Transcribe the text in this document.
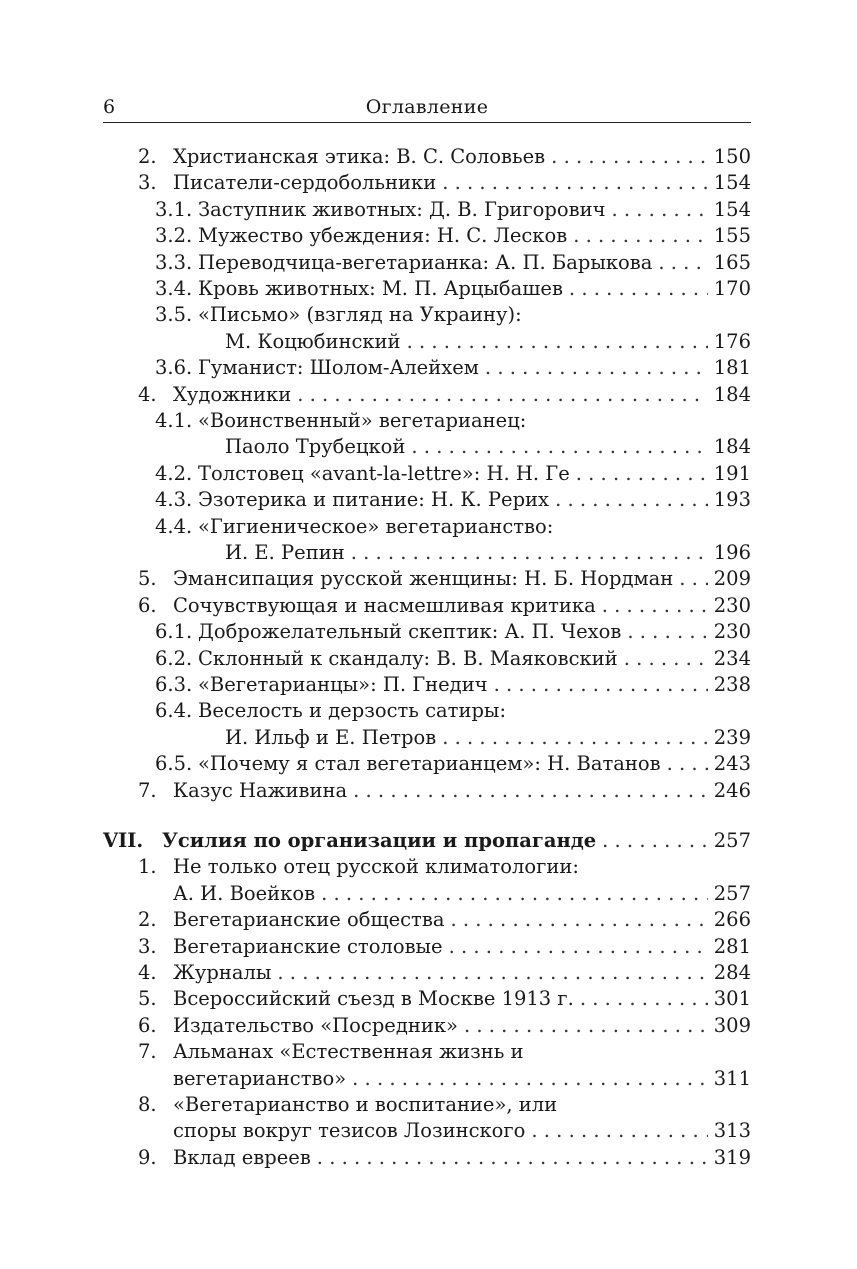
6	Оглавление
2. Христианская этика: В. С. Соловьев . . .	150
3. Писатели-сердобольники . . .	154
3.1. Заступник животных: Д. В. Григорович . . .	154
3.2. Мужество убеждения: Н. С. Лесков . . .	155
3.3. Переводчица-вегетарианка: А. П. Барыкова . . .	165
3.4. Кровь животных: М. П. Арцыбашев . . .	170
3.5. «Письмо» (взгляд на Украину):
М. Коцюбинский . . .	176
3.6. Гуманист: Шолом-Алейхем . . .	181
4. Художники . . .	184
4.1. «Воинственный» вегетарианец:
Паоло Трубецкой . . .	184
4.2. Толстовец «avant-la-lettre»: Н. Н. Ге . . .	191
4.3. Эзотерика и питание: Н. К. Рерих . . .	193
4.4. «Гигиеническое» вегетарианство:
И. Е. Репин . . .	196
5. Эмансипация русской женщины: Н. Б. Нордман . . . 209
6. Сочувствующая и насмешливая критика . . .	230
6.1. Доброжелательный скептик: А. П. Чехов . . .	230
6.2. Склонный к скандалу: В. В. Маяковский . . .	234
6.3. «Вегетарианцы»: П. Гнедич . . .	238
6.4. Веселость и дерзость сатиры:
И. Ильф и Е. Петров . . .	239
6.5. «Почему я стал вегетарианцем»: Н. Ватанов . . .	243
7. Казус Наживина . . .	246
VII. Усилия по организации и пропаганде . . .	257
1. Не только отец русской климатологии:
А. И. Воейков . . .	257
2. Вегетарианские общества . . .	266
3. Вегетарианские столовые . . .	281
4. Журналы . . .	284
5. Всероссийский съезд в Москве 1913 г. . . .	301
6. Издательство «Посредник» . . .	309
7. Альманах «Естественная жизнь и
вегетарианство» . . .	311
8. «Вегетарианство и воспитание», или
споры вокруг тезисов Лозинского . . .	313
9. Вклад евреев . . .	319
